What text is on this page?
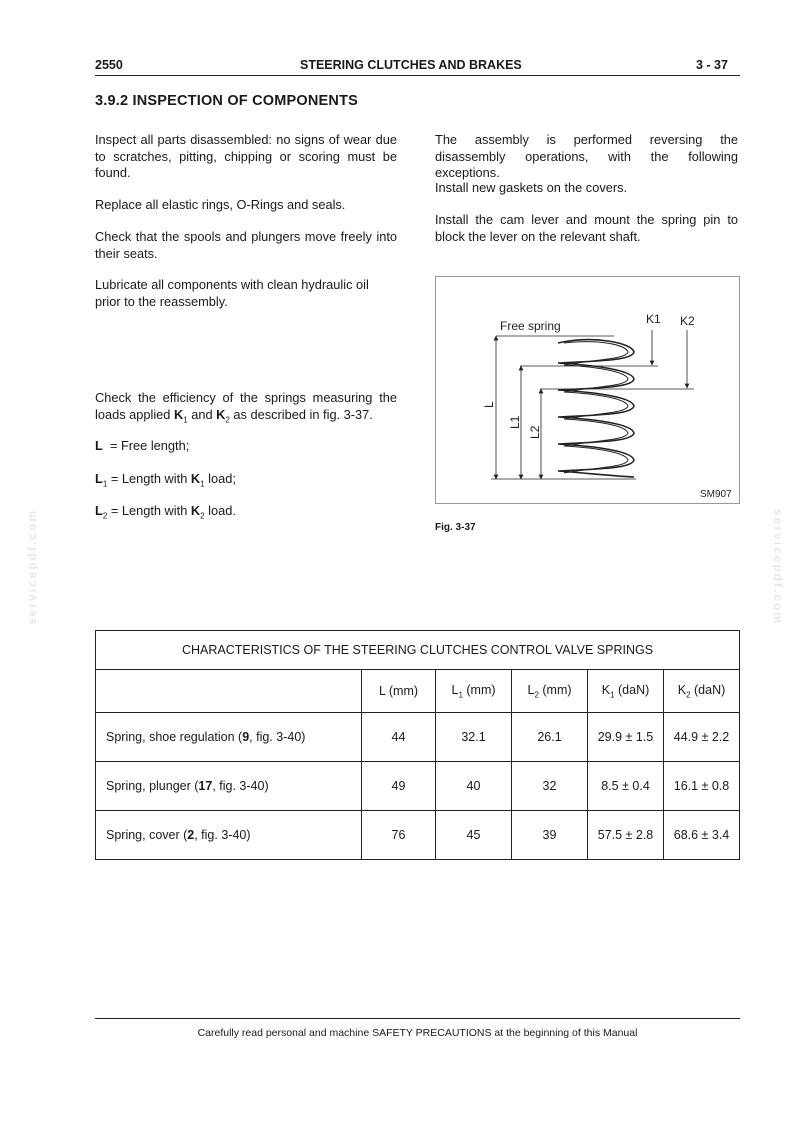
2550	STEERING CLUTCHES AND BRAKES	3 - 37
3.9.2 INSPECTION OF COMPONENTS
Inspect all parts disassembled: no signs of wear due to scratches, pitting, chipping or scoring must be found.
Replace all elastic rings, O-Rings and seals.
Check that the spools and plungers move freely into their seats.
Lubricate all components with clean hydraulic oil prior to the reassembly.
Check the efficiency of the springs measuring the loads applied $K_1$ and $K_2$ as described in fig. 3-37.
L  = Free length;
$L_1$ = Length with $K_1$ load;
$L_2$ = Length with $K_2$ load.
The assembly is performed reversing the disassembly operations, with the following exceptions.
Install new gaskets on the covers.
Install the cam lever and mount the spring pin to block the lever on the relevant shaft.
Free spring	K1 K2
L
L1
L2
SM907
Fig. 3-37
servicepdf.com	servicepdf.com
CHARACTERISTICS OF THE STEERING CLUTCHES CONTROL VALVE SPRINGS					
	L (mm)	$L_1$ (mm)	$L_2$ (mm)	$K_1$ (daN)	$K_2$ (daN)
Spring, shoe regulation (9, fig. 3-40)	44	32.1	26.1	29.9 ± 1.5	44.9 ± 2.2
Spring, plunger (17, fig. 3-40)	49	40	32	8.5 ± 0.4	16.1 ± 0.8
Spring, cover (2, fig. 3-40)	76	45	39	57.5 ± 2.8	68.6 ± 3.4
Carefully read personal and machine SAFETY PRECAUTIONS at the beginning of this Manual
